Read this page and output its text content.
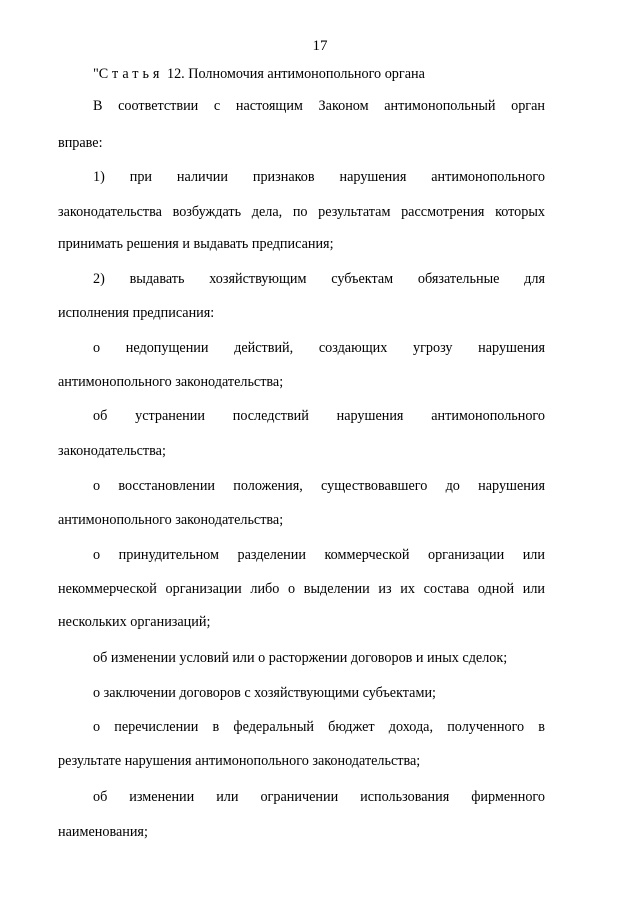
17
"Статья 12. Полномочия антимонопольного органа
В соответствии с настоящим Законом антимонопольный орган
вправе:
1) при наличии признаков нарушения антимонопольного
законодательства возбуждать дела, по результатам рассмотрения которых
принимать решения и выдавать предписания;
2) выдавать хозяйствующим субъектам обязательные для
исполнения предписания:
о недопущении действий, создающих угрозу нарушения
антимонопольного законодательства;
об устранении последствий нарушения антимонопольного
законодательства;
о восстановлении положения, существовавшего до нарушения
антимонопольного законодательства;
о принудительном разделении коммерческой организации или
некоммерческой организации либо о выделении из их состава одной или
нескольких организаций;
об изменении условий или о расторжении договоров и иных сделок;
о заключении договоров с хозяйствующими субъектами;
о перечислении в федеральный бюджет дохода, полученного в
результате нарушения антимонопольного законодательства;
об изменении или ограничении использования фирменного
наименования;
